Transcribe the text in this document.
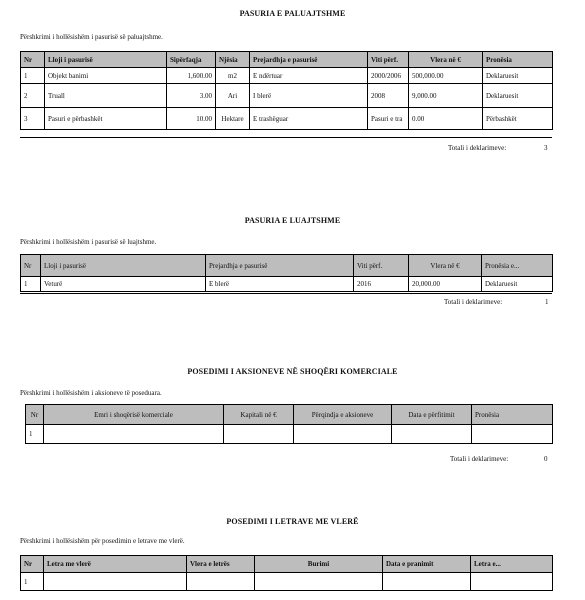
PASURIA E PALUAJTSHME
Përshkrimi i hollësishëm i pasurisë së paluajtshme.
Nr	Lloji i pasurisë	Sipërfaqja	Njësia	Prejardhja e pasurisë	Viti përf.	Vlera në €	Pronësia
1	Objekt banimi	1,600.00	m2	E ndërtuar	2000/2006	500,000.00	Deklaruesit
2	Truall	3.00	Ari	I blerë	2008	9,000.00	Deklaruesit
3	Pasuri e përbashkët	10.00	Hektare	E trashëguar	Pasuri e tra	0.00	Përbashkët
Totali i deklarimeve:	3
PASURIA E LUAJTSHME
Përshkrimi i hollësishëm i pasurisë së luajtshme.
Nr	Lloji i pasurisë	Prejardhja e pasurisë	Viti përf.	Vlera në €	Pronësia e...
1	Veturë	E blerë	2016	20,000.00	Deklaruesit
Totali i deklarimeve:	1
POSEDIMI I AKSIONEVE NË SHOQËRI KOMERCIALE
Përshkrimi i hollësishëm i aksioneve të poseduara.
Nr	Emri i shoqërisë komerciale	Kapitali në €	Përqindja e aksioneve	Data e përfitimit	Pronësia
1					
Totali i deklarimeve:	0
POSEDIMI I LETRAVE ME VLERË
Përshkrimi i hollësishëm për posedimin e letrave me vlerë.
Nr	Letra me vlerë	Vlera e letrës	Burimi	Data e pranimit	Letra e...
1					
